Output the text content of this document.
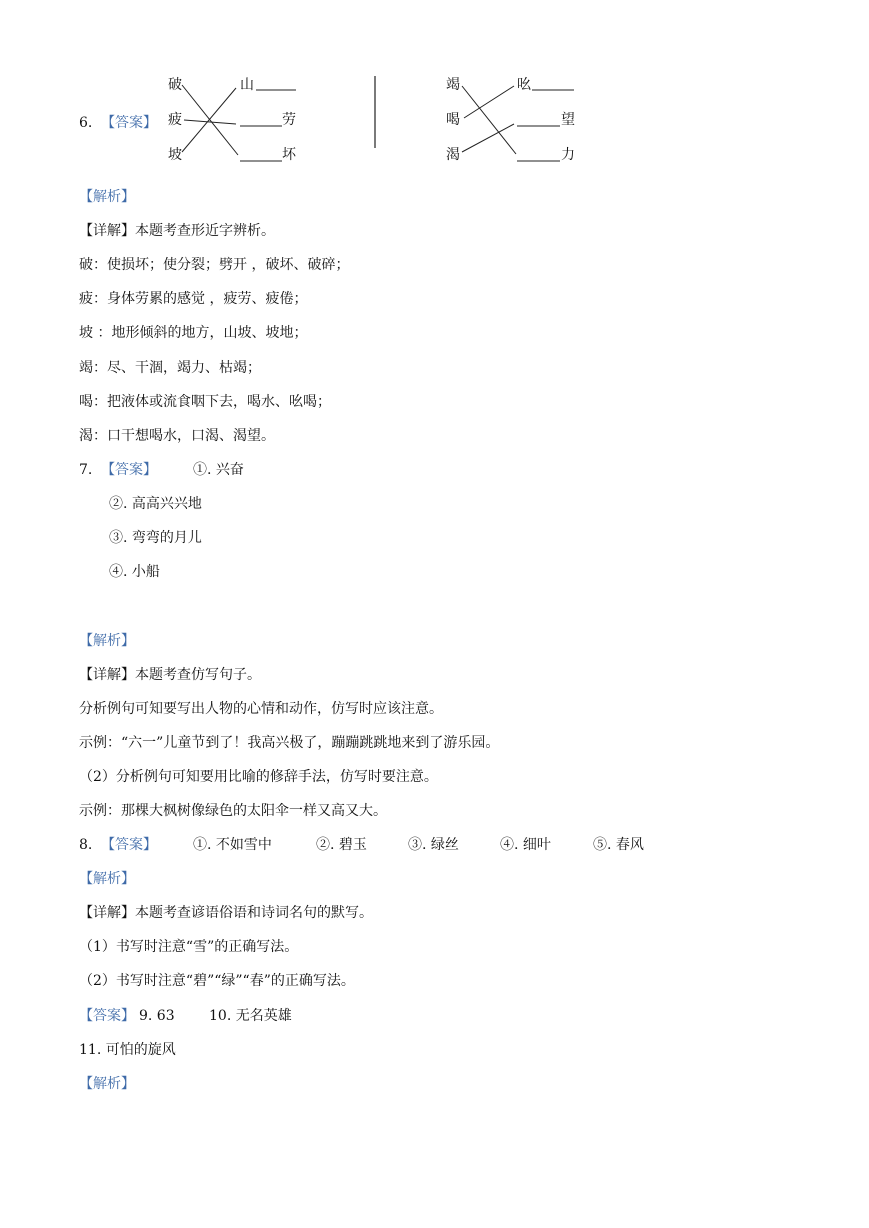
6. 【答案】
破
疲
坡
山
劳
坏
竭
喝
渴
吆
望
力
【解析】
【详解】本题考查形近字辨析。
破：使损坏；使分裂；劈开 ，破坏、破碎；
疲：身体劳累的感觉 ，疲劳、疲倦；
坡 ：地形倾斜的地方，山坡、坡地；
竭：尽、干涸，竭力、枯竭；
喝：把液体或流食咽下去，喝水、吆喝；
渴：口干想喝水，口渴、渴望。
7. 【答案】	①. 兴奋
②. 高高兴兴地
③. 弯弯的月儿
④. 小船
【解析】
【详解】本题考查仿写句子。
分析例句可知要写出人物的心情和动作，仿写时应该注意。
示例：“六一”儿童节到了！我高兴极了，蹦蹦跳跳地来到了游乐园。
（2）分析例句可知要用比喻的修辞手法，仿写时要注意。
示例：那棵大枫树像绿色的太阳伞一样又高又大。
8. 【答案】	①. 不如雪中	②. 碧玉	③. 绿丝	④. 细叶	⑤. 春风
【解析】
【详解】本题考查谚语俗语和诗词名句的默写。
（1）书写时注意“雪”的正确写法。
（2）书写时注意“碧”“绿”“春”的正确写法。
【答案】 9. 63 10. 无名英雄
11. 可怕的旋风
【解析】
